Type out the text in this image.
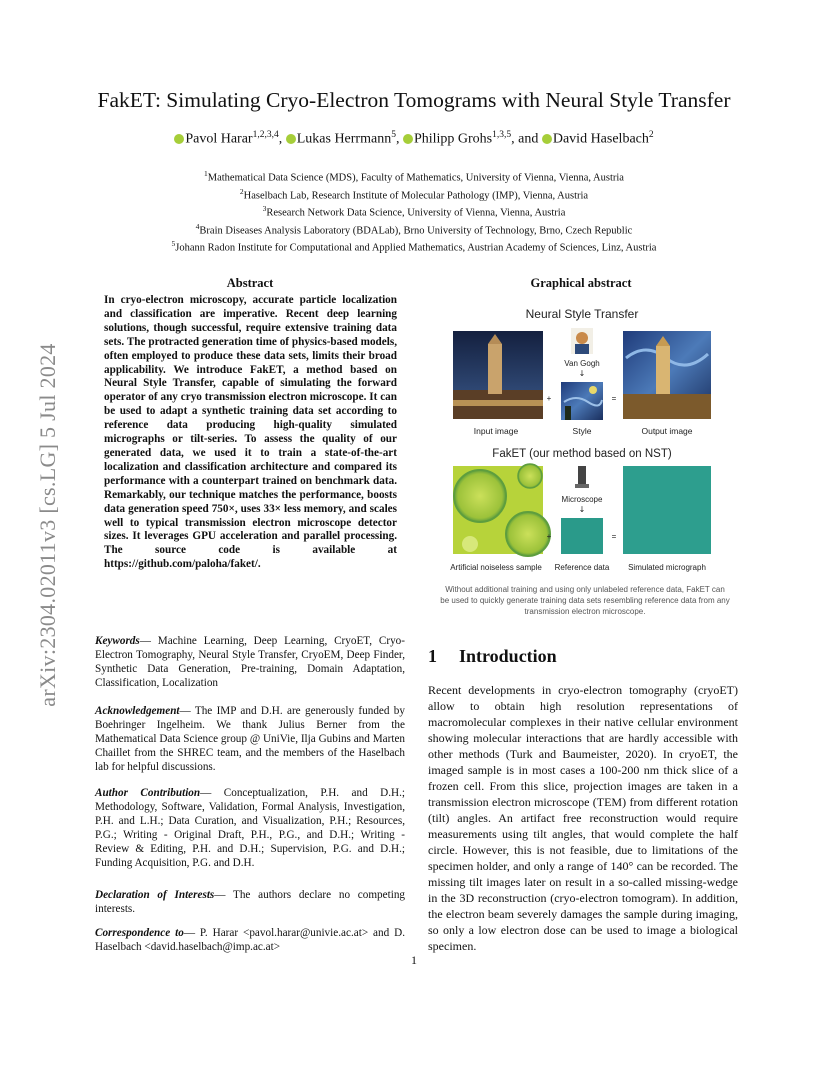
arXiv:2304.02011v3 [cs.LG] 5 Jul 2024
FakET: Simulating Cryo-Electron Tomograms with Neural Style Transfer
Pavol Harar$^{1,2,3,4}$, Lukas Herrmann$^5$, Philipp Grohs$^{1,3,5}$, and David Haselbach$^2$
$^1$Mathematical Data Science (MDS), Faculty of Mathematics, University of Vienna, Vienna, Austria
$^2$Haselbach Lab, Research Institute of Molecular Pathology (IMP), Vienna, Austria
$^3$Research Network Data Science, University of Vienna, Vienna, Austria
$^4$Brain Diseases Analysis Laboratory (BDALab), Brno University of Technology, Brno, Czech Republic
$^5$Johann Radon Institute for Computational and Applied Mathematics, Austrian Academy of Sciences, Linz, Austria
Abstract
In cryo-electron microscopy, accurate particle localization and classification are imperative. Recent deep learning solutions, though successful, require extensive training data sets. The protracted generation time of physics-based models, often employed to produce these data sets, limits their broad applicability. We introduce FakET, a method based on Neural Style Transfer, capable of simulating the forward operator of any cryo transmission electron microscope. It can be used to adapt a synthetic training data set according to reference data producing high-quality simulated micrographs or tilt-series. To assess the quality of our generated data, we used it to train a state-of-the-art localization and classification architecture and compared its performance with a counterpart trained on benchmark data. Remarkably, our technique matches the performance, boosts data generation speed 750×, uses 33× less memory, and scales well to typical transmission electron microscope detector sizes. It leverages GPU acceleration and parallel processing. The source code is available at https://github.com/paloha/faket/.
Keywords— Machine Learning, Deep Learning, CryoET, Cryo-Electron Tomography, Neural Style Transfer, CryoEM, Deep Finder, Synthetic Data Generation, Pre-training, Domain Adaptation, Classification, Localization
Acknowledgement— The IMP and D.H. are generously funded by Boehringer Ingelheim. We thank Julius Berner from the Mathematical Data Science group @ UniVie, Ilja Gubins and Marten Chaillet from the SHREC team, and the members of the Haselbach lab for helpful discussions.
Author Contribution— Conceptualization, P.H. and D.H.; Methodology, Software, Validation, Formal Analysis, Investigation, P.H. and L.H.; Data Curation, and Visualization, P.H.; Resources, P.G.; Writing - Original Draft, P.H., P.G., and D.H.; Writing - Review & Editing, P.H. and D.H.; Supervision, P.G. and D.H.; Funding Acquisition, P.G. and D.H.
Declaration of Interests— The authors declare no competing interests.
Correspondence to— P. Harar <pavol.harar@univie.ac.at> and D. Haselbach <david.haselbach@imp.ac.at>
Graphical abstract
Neural Style Transfer
Van Gogh
↓
+	=
Input image	Style	Output image
FakET (our method based on NST)
Microscope
↓
+	=
Artificial noiseless sample Reference data Simulated micrograph
Without additional training and using only unlabeled reference data, FakET can be used to quickly generate training data sets resembling reference data from any transmission electron microscope.
1 Introduction
Recent developments in cryo-electron tomography (cryoET) allow to obtain high resolution representations of macromolecular complexes in their native cellular environment showing molecular interactions that are hardly accessible with other methods (Turk and Baumeister, 2020). In cryoET, the imaged sample is in most cases a 100-200 nm thick slice of a frozen cell. From this slice, projection images are taken in a transmission electron microscope (TEM) from different rotation (tilt) angles. An artifact free reconstruction would require measurements using tilt angles, that would complete the half circle. However, this is not feasible, due to limitations of the specimen holder, and only a range of 140° can be recorded. The missing tilt images later on result in a so-called missing-wedge in the 3D reconstruction (cryo-electron tomogram). In addition, the electron beam severely damages the sample during imaging, so only a low electron dose can be used to image a biological specimen.
1
